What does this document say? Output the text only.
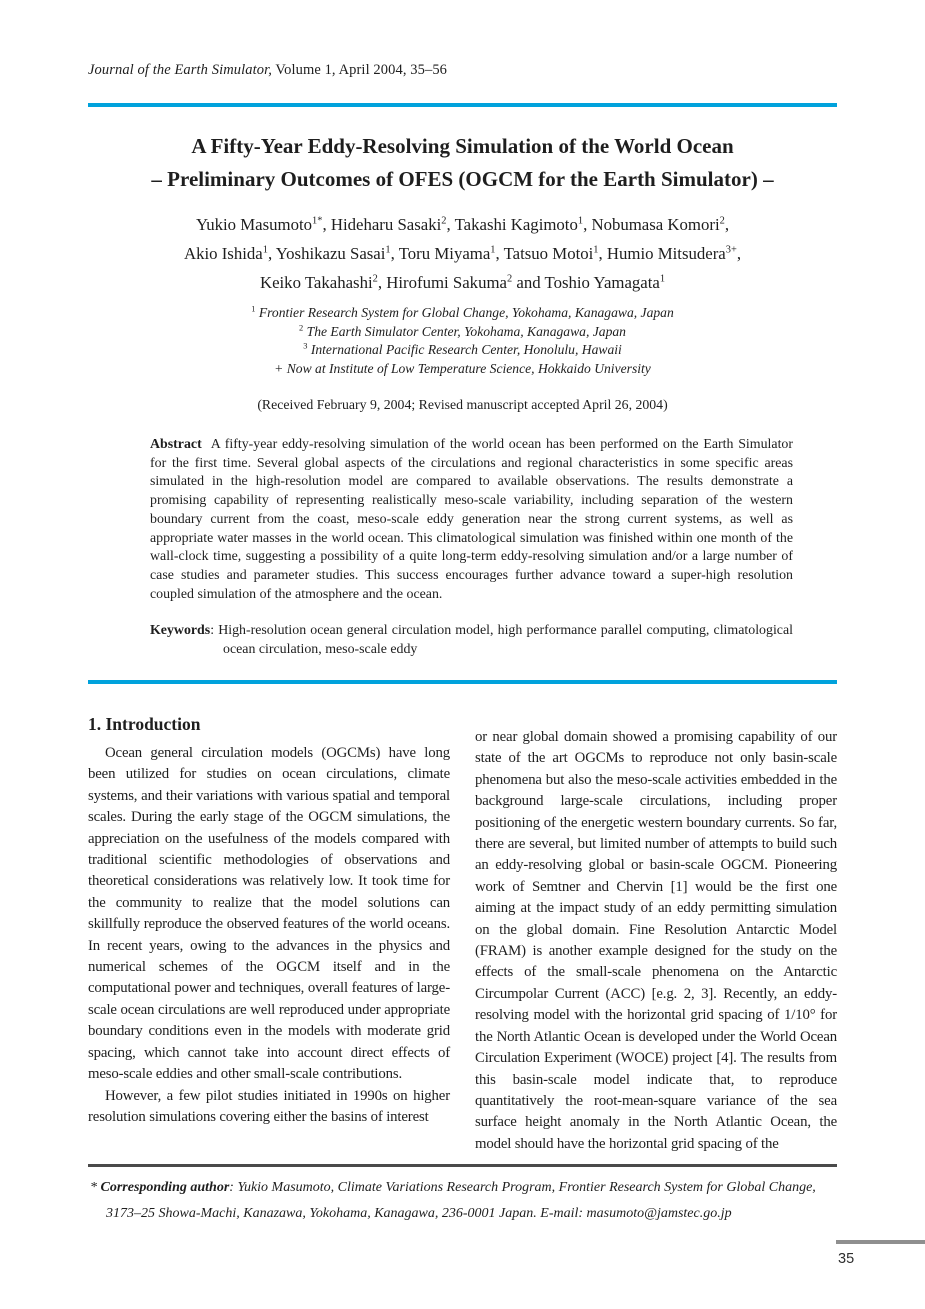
Journal of the Earth Simulator, Volume 1, April 2004, 35–56
A Fifty-Year Eddy-Resolving Simulation of the World Ocean
– Preliminary Outcomes of OFES (OGCM for the Earth Simulator) –
Yukio Masumoto$^{1*}$, Hideharu Sasaki$^2$, Takashi Kagimoto$^1$, Nobumasa Komori$^2$,
Akio Ishida$^1$, Yoshikazu Sasai$^1$, Toru Miyama$^1$, Tatsuo Motoi$^1$, Humio Mitsudera$^{3+}$,
Keiko Takahashi$^2$, Hirofumi Sakuma$^2$ and Toshio Yamagata$^1$
$^1$ Frontier Research System for Global Change, Yokohama, Kanagawa, Japan
$^2$ The Earth Simulator Center, Yokohama, Kanagawa, Japan
$^3$ International Pacific Research Center, Honolulu, Hawaii
+ Now at Institute of Low Temperature Science, Hokkaido University
(Received February 9, 2004; Revised manuscript accepted April 26, 2004)
Abstract A fifty-year eddy-resolving simulation of the world ocean has been performed on the Earth Simulator for the first time. Several global aspects of the circulations and regional characteristics in some specific areas simulated in the high-resolution model are compared to available observations. The results demonstrate a promising capability of representing realistically meso-scale variability, including separation of the western boundary current from the coast, meso-scale eddy generation near the strong current systems, as well as appropriate water masses in the world ocean. This climatological simulation was finished within one month of the wall-clock time, suggesting a possibility of a quite long-term eddy-resolving simulation and/or a large number of case studies and parameter studies. This success encourages further advance toward a super-high resolution coupled simulation of the atmosphere and the ocean.
Keywords: High-resolution ocean general circulation model, high performance parallel computing, climatological ocean circulation, meso-scale eddy
1. Introduction

Ocean general circulation models (OGCMs) have long been utilized for studies on ocean circulations, climate systems, and their variations with various spatial and temporal scales. During the early stage of the OGCM simulations, the appreciation on the usefulness of the models compared with traditional scientific methodologies of observations and theoretical considerations was relatively low. It took time for the community to realize that the model solutions can skillfully reproduce the observed features of the world oceans. In recent years, owing to the advances in the physics and numerical schemes of the OGCM itself and in the computational power and techniques, overall features of large-scale ocean circulations are well reproduced under appropriate boundary conditions even in the models with moderate grid spacing, which cannot take into account direct effects of meso-scale eddies and other small-scale contributions.

However, a few pilot studies initiated in 1990s on higher resolution simulations covering either the basins of interest

or near global domain showed a promising capability of our state of the art OGCMs to reproduce not only basin-scale phenomena but also the meso-scale activities embedded in the background large-scale circulations, including proper positioning of the energetic western boundary currents. So far, there are several, but limited number of attempts to build such an eddy-resolving global or basin-scale OGCM. Pioneering work of Semtner and Chervin [1] would be the first one aiming at the impact study of an eddy permitting simulation on the global domain. Fine Resolution Antarctic Model (FRAM) is another example designed for the study on the effects of the small-scale phenomena on the Antarctic Circumpolar Current (ACC) [e.g. 2, 3]. Recently, an eddy-resolving model with the horizontal grid spacing of 1/10° for the North Atlantic Ocean is developed under the World Ocean Circulation Experiment (WOCE) project [4]. The results from this basin-scale model indicate that, to reproduce quantitatively the root-mean-square variance of the sea surface height anomaly in the North Atlantic Ocean, the model should have the horizontal grid spacing of the

* Corresponding author: Yukio Masumoto, Climate Variations Research Program, Frontier Research System for Global Change, 3173–25 Showa-Machi, Kanazawa, Yokohama, Kanagawa, 236-0001 Japan. E-mail: masumoto@jamstec.go.jp
35
